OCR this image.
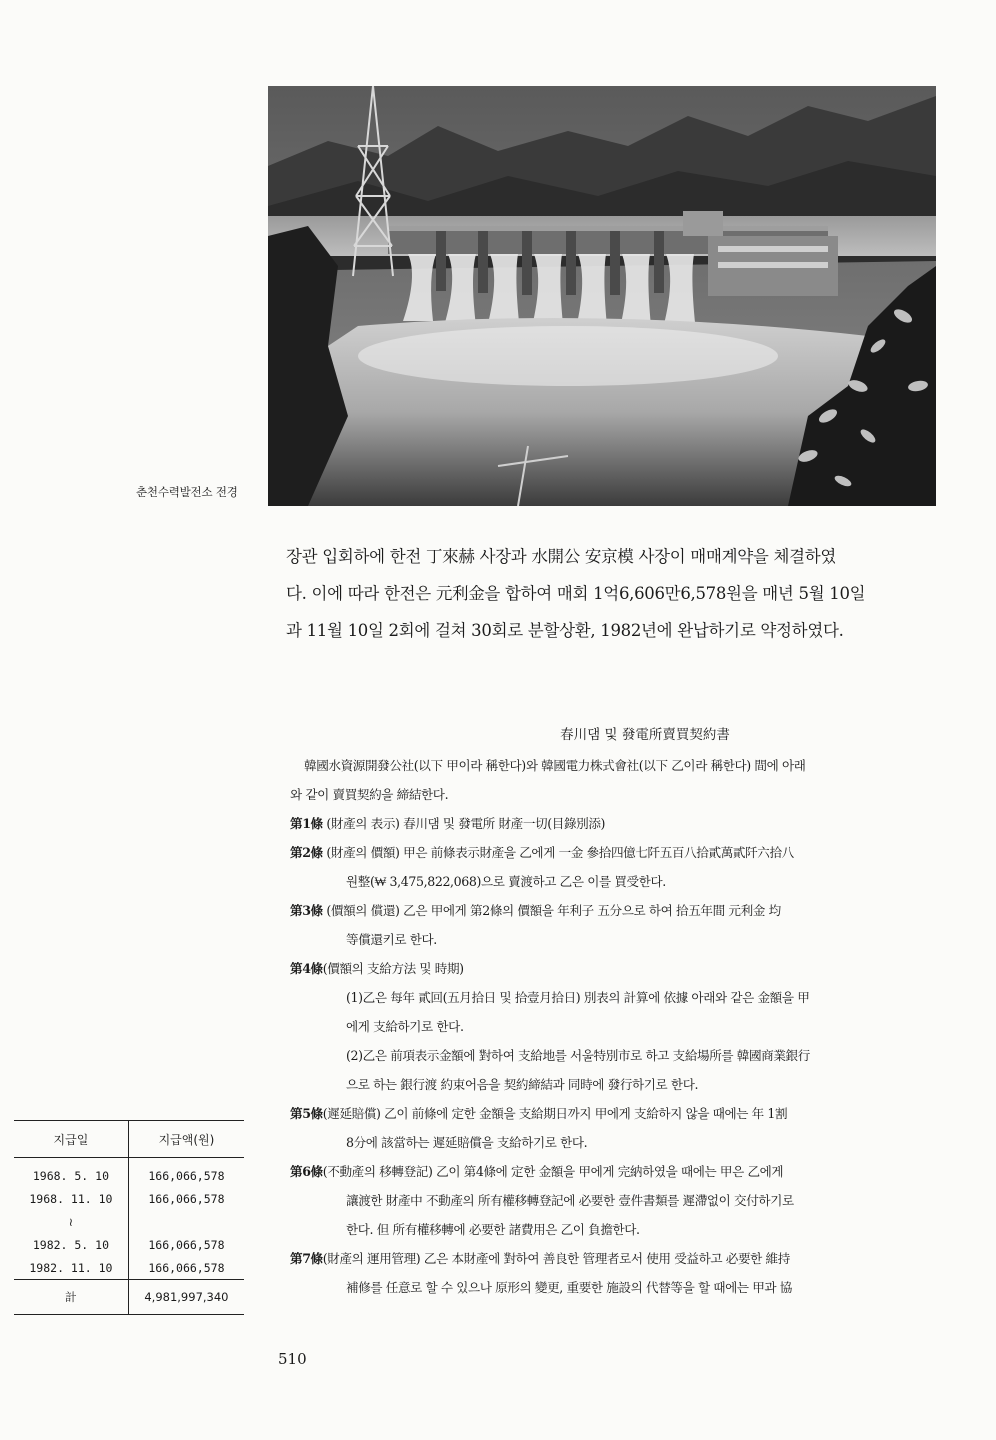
춘천수력발전소 전경

장관 입회하에 한전 丁來赫 사장과 水開公 安京模 사장이 매매계약을 체결하였

다. 이에 따라 한전은 元利金을 합하여 매회 1억6,606만6,578원을 매년 5월 10일

과 11월 10일 2회에 걸쳐 30회로 분할상환, 1982년에 완납하기로 약정하였다.

春川댐 및 發電所賣買契約書

韓國水資源開發公社(以下 甲이라 稱한다)와 韓國電力株式會社(以下 乙이라 稱한다) 間에 아래

와 같이 賣買契約을 締結한다.

第1條 (財產의 表示) 春川댐 및 發電所 財產一切(目錄別添)

第2條 (財產의 價額) 甲은 前條表示財產을 乙에게 一金 參拾四億七阡五百八拾貳萬貳阡六拾八

원整(₩ 3,475,822,068)으로 賣渡하고 乙은 이를 買受한다.

第3條 (價額의 償還) 乙은 甲에게 第2條의 價額을 年利子 五分으로 하여 拾五年間 元利金 均

等償還키로 한다.

第4條(價額의 支給方法 및 時期)

(1)乙은 每年 貳回(五月拾日 및 拾壹月拾日) 別表의 計算에 依據 아래와 같은 金額을 甲

에게 支給하기로 한다.

(2)乙은 前項表示金額에 對하여 支給地를 서울特別市로 하고 支給場所를 韓國商業銀行

으로 하는 銀行渡 約束어음을 契約締結과 同時에 發行하기로 한다.

第5條(遲延賠償) 乙이 前條에 定한 金額을 支給期日까지 甲에게 支給하지 않을 때에는 年 1割

8分에 該當하는 遲延賠償을 支給하기로 한다.

第6條(不動產의 移轉登記) 乙이 第4條에 定한 金額을 甲에게 完納하였을 때에는 甲은 乙에게

讓渡한 財產中 不動產의 所有權移轉登記에 必要한 壹件書類를 遲滯없이 交付하기로

한다. 但 所有權移轉에 必要한 諸費用은 乙이 負擔한다.

第7條(財產의 運用管理) 乙은 本財產에 對하여 善良한 管理者로서 使用 受益하고 必要한 維持

補修를 任意로 할 수 있으나 原形의 變更, 重要한 施設의 代替等을 할 때에는 甲과 協

지급일	지급액(원)
1968. 5. 10	166,066,578
1968. 11. 10	166,066,578
≀	
1982. 5. 10	166,066,578
1982. 11. 10	166,066,578
計	4,981,997,340
510
